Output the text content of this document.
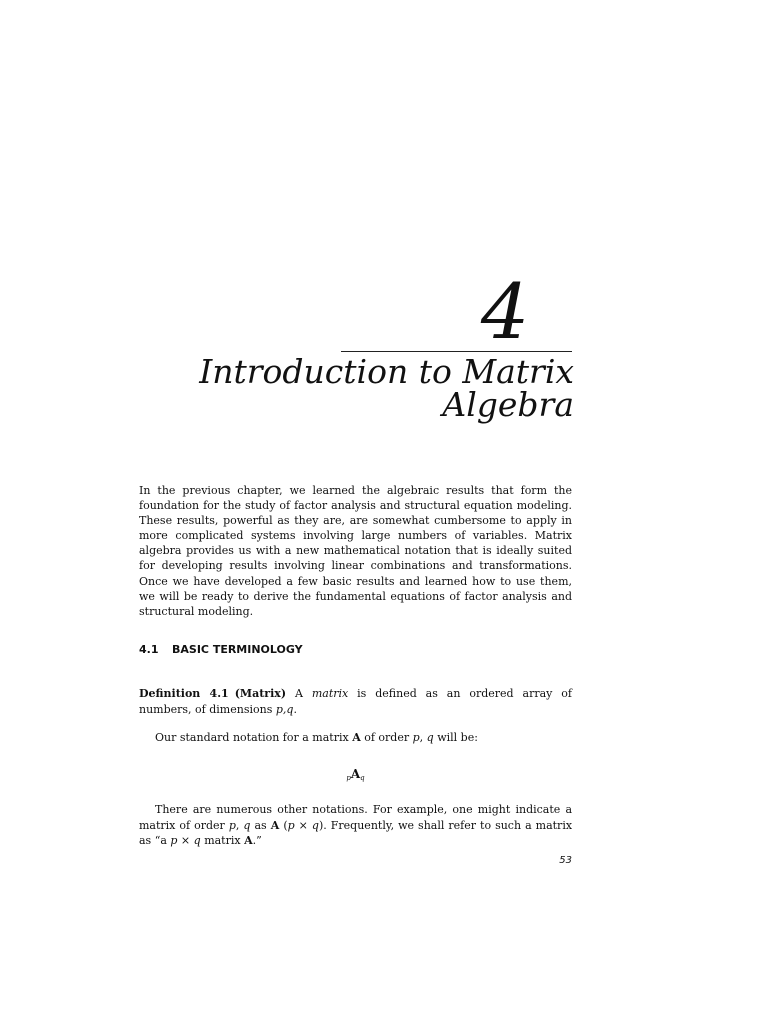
4
Introduction to Matrix
Algebra

In the previous chapter, we learned the algebraic results that form the foundation for the study of factor analysis and structural equation modeling. These results, powerful as they are, are somewhat cumbersome to apply in more complicated systems involving large numbers of variables. Matrix algebra provides us with a new mathematical notation that is ideally suited for developing results involving linear combinations and transformations. Once we have developed a few basic results and learned how to use them, we will be ready to derive the fundamental equations of factor analysis and structural modeling.

4.1 BASIC TERMINOLOGY

Definition 4.1 (Matrix) A matrix is defined as an ordered array of numbers, of dimensions p,q.

Our standard notation for a matrix A of order p, q will be:

$_pA_q$

There are numerous other notations. For example, one might indicate a matrix of order p, q as A (p × q). Frequently, we shall refer to such a matrix as “a p × q matrix A.”

53
